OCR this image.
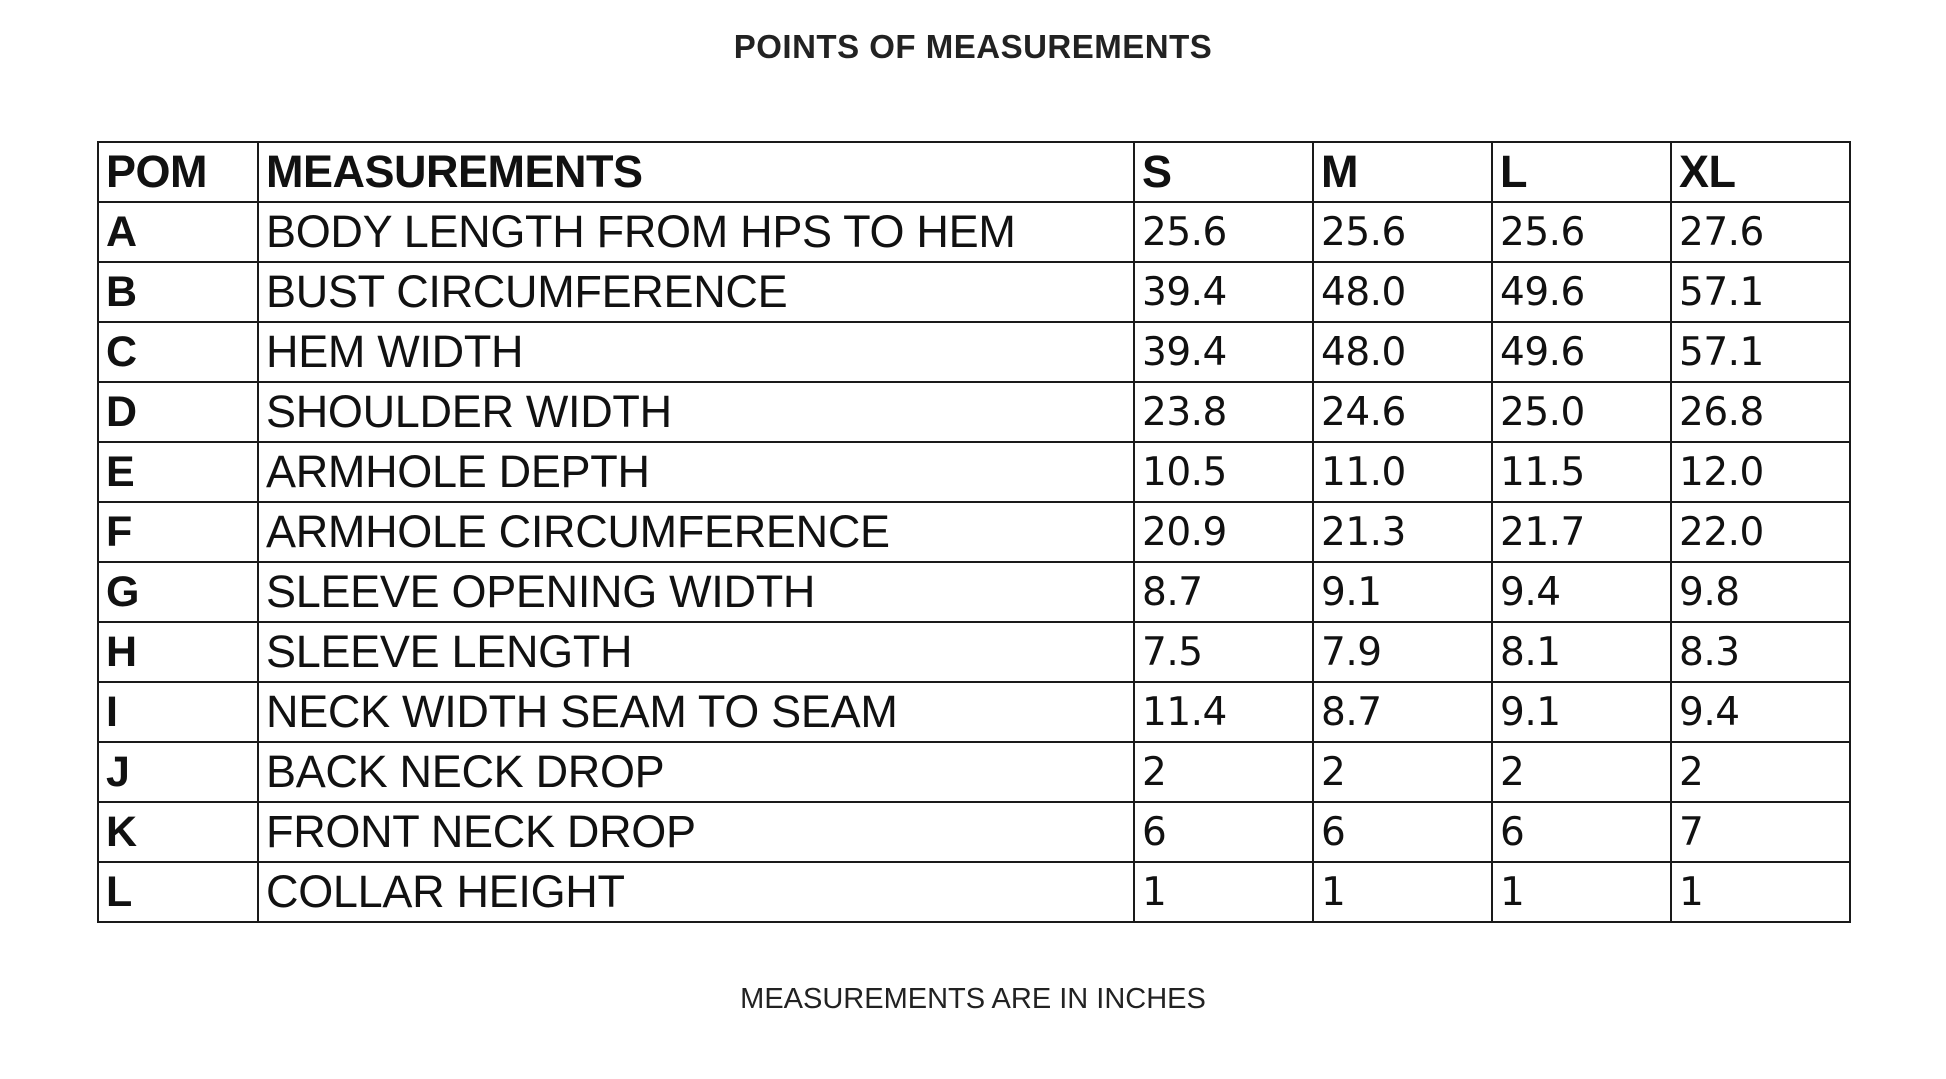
POINTS OF MEASUREMENTS
POM	MEASUREMENTS	S	M	L	XL
A	BODY LENGTH FROM HPS TO HEM	25.6	25.6	25.6	27.6
B	BUST CIRCUMFERENCE	39.4	48.0	49.6	57.1
C	HEM WIDTH	39.4	48.0	49.6	57.1
D	SHOULDER WIDTH	23.8	24.6	25.0	26.8
E	ARMHOLE DEPTH	10.5	11.0	11.5	12.0
F	ARMHOLE CIRCUMFERENCE	20.9	21.3	21.7	22.0
G	SLEEVE OPENING WIDTH	8.7	9.1	9.4	9.8
H	SLEEVE LENGTH	7.5	7.9	8.1	8.3
I	NECK WIDTH SEAM TO SEAM	11.4	8.7	9.1	9.4
J	BACK NECK DROP	2	2	2	2
K	FRONT NECK DROP	6	6	6	7
L	COLLAR HEIGHT	1	1	1	1
MEASUREMENTS ARE IN INCHES
